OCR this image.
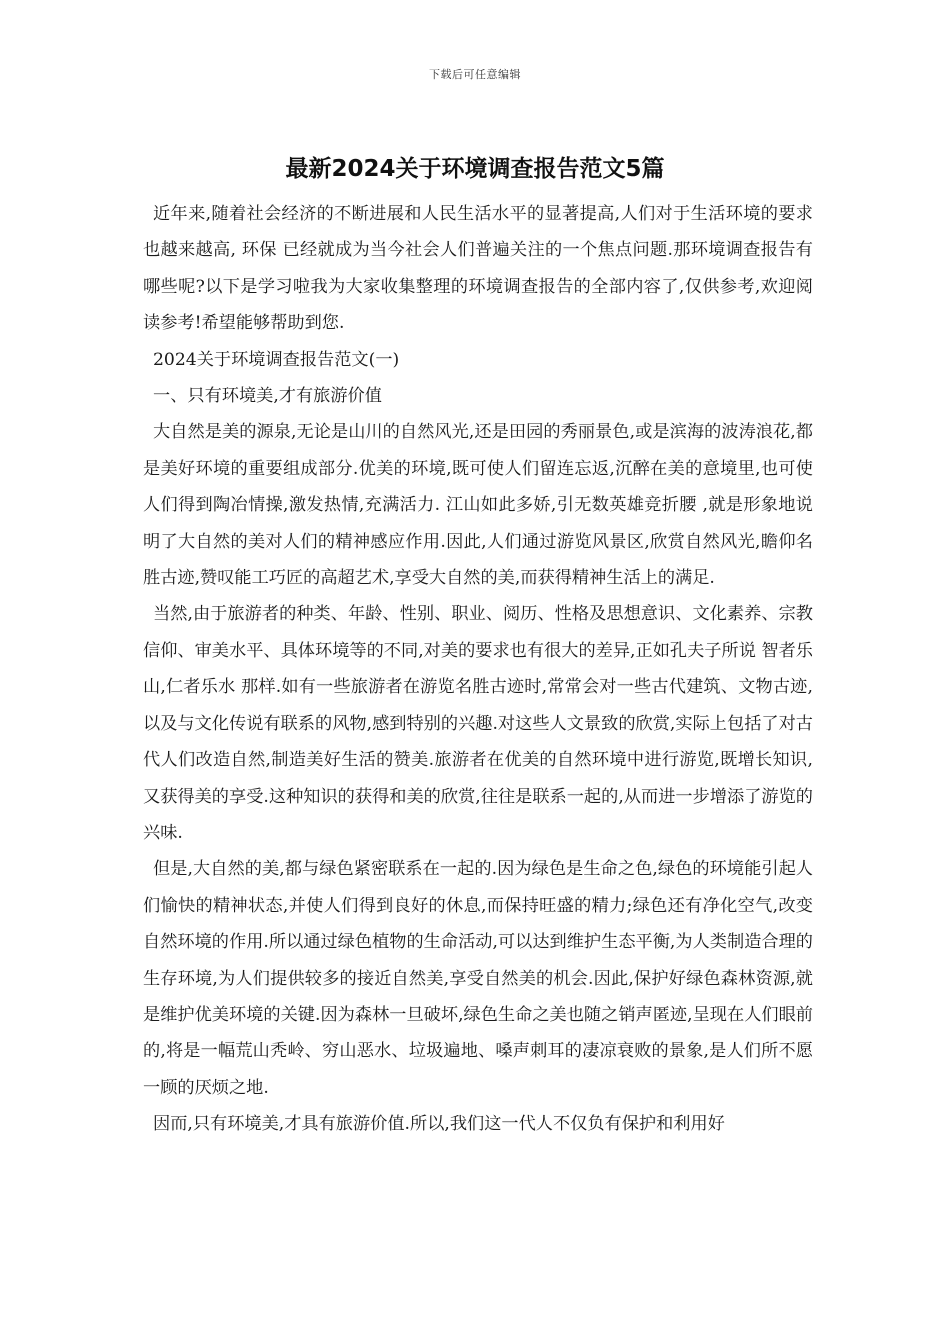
下载后可任意编辑
最新2024关于环境调查报告范文5篇

近年来,随着社会经济的不断进展和人民生活水平的显著提高,人们对于生活环境的要求也越来越高, 环保 已经就成为当今社会人们普遍关注的一个焦点问题.那环境调查报告有哪些呢?以下是学习啦我为大家收集整理的环境调查报告的全部内容了,仅供参考,欢迎阅读参考!希望能够帮助到您.

2024关于环境调查报告范文(一)

一、只有环境美,才有旅游价值

大自然是美的源泉,无论是山川的自然风光,还是田园的秀丽景色,或是滨海的波涛浪花,都是美好环境的重要组成部分.优美的环境,既可使人们留连忘返,沉醉在美的意境里,也可使人们得到陶冶情操,激发热情,充满活力. 江山如此多娇,引无数英雄竞折腰 ,就是形象地说明了大自然的美对人们的精神感应作用.因此,人们通过游览风景区,欣赏自然风光,瞻仰名胜古迹,赞叹能工巧匠的高超艺术,享受大自然的美,而获得精神生活上的满足.

当然,由于旅游者的种类、年龄、性别、职业、阅历、性格及思想意识、文化素养、宗教信仰、审美水平、具体环境等的不同,对美的要求也有很大的差异,正如孔夫子所说 智者乐山,仁者乐水 那样.如有一些旅游者在游览名胜古迹时,常常会对一些古代建筑、文物古迹,以及与文化传说有联系的风物,感到特别的兴趣.对这些人文景致的欣赏,实际上包括了对古代人们改造自然,制造美好生活的赞美.旅游者在优美的自然环境中进行游览,既增长知识,又获得美的享受.这种知识的获得和美的欣赏,往往是联系一起的,从而进一步增添了游览的兴味.

但是,大自然的美,都与绿色紧密联系在一起的.因为绿色是生命之色,绿色的环境能引起人们愉快的精神状态,并使人们得到良好的休息,而保持旺盛的精力;绿色还有净化空气,改变自然环境的作用.所以通过绿色植物的生命活动,可以达到维护生态平衡,为人类制造合理的生存环境,为人们提供较多的接近自然美,享受自然美的机会.因此,保护好绿色森林资源,就是维护优美环境的关键.因为森林一旦破坏,绿色生命之美也随之销声匿迹,呈现在人们眼前的,将是一幅荒山秃岭、穷山恶水、垃圾遍地、嗓声刺耳的凄凉衰败的景象,是人们所不愿一顾的厌烦之地.

因而,只有环境美,才具有旅游价值.所以,我们这一代人不仅负有保护和利用好
